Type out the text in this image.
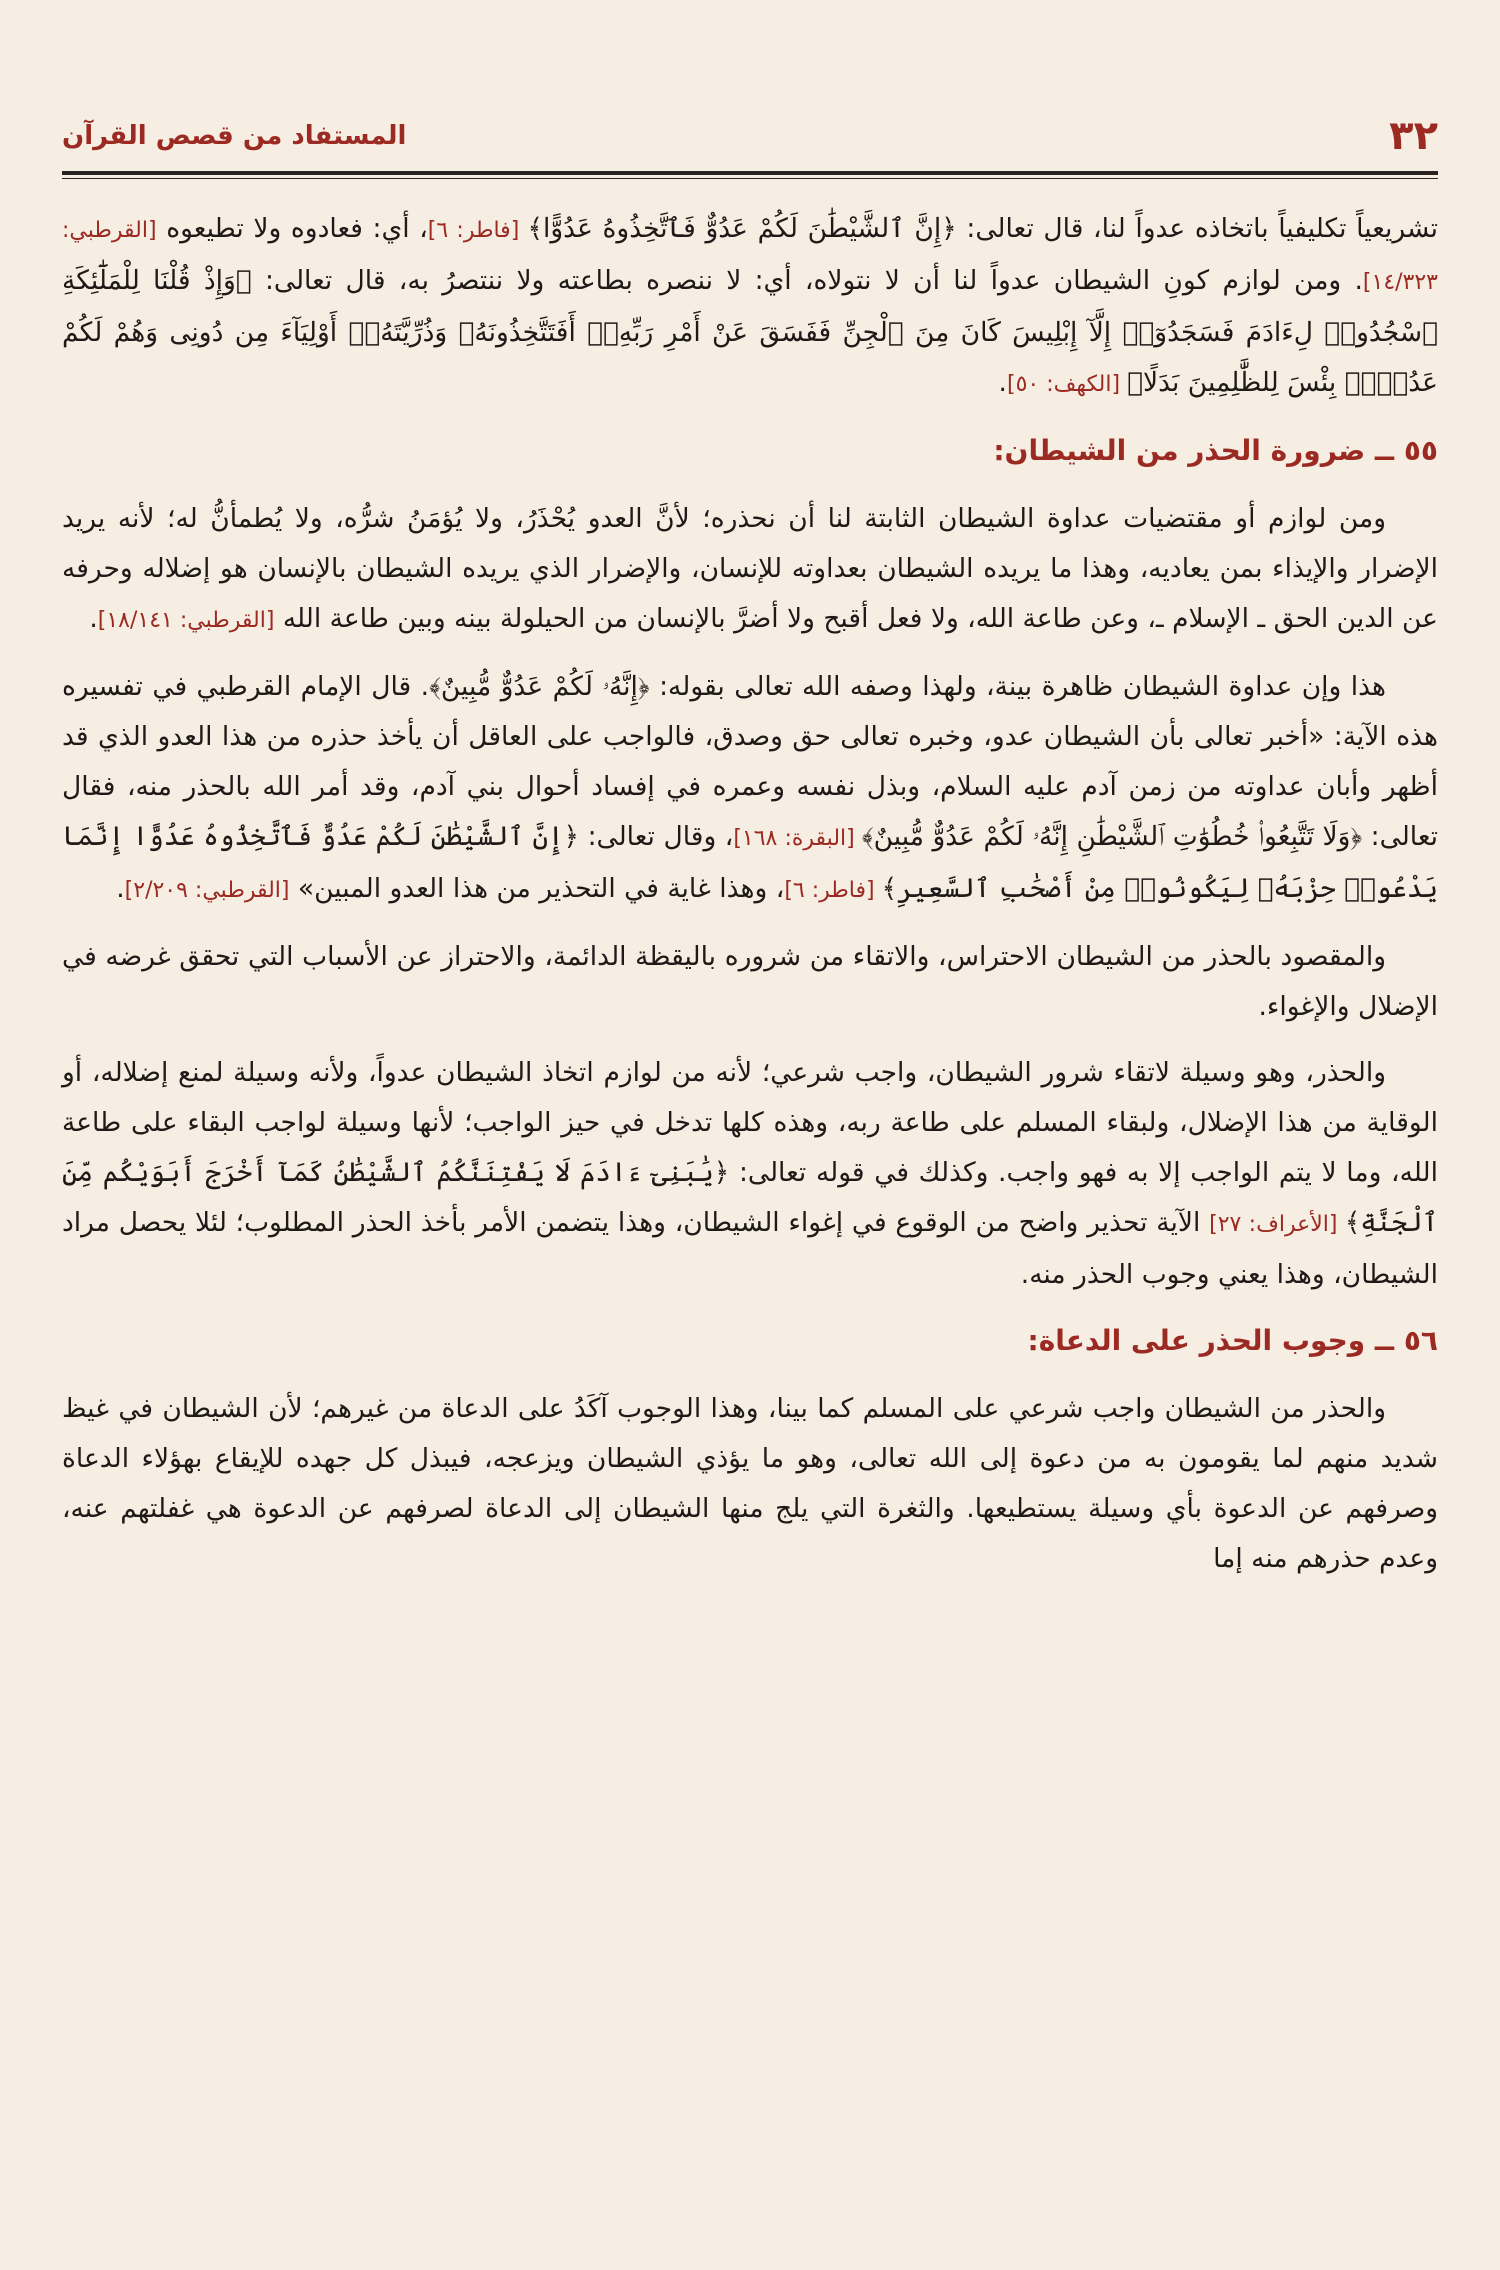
٣٢
المستفاد من قصص القرآن

تشريعياً تكليفياً باتخاذه عدواً لنا، قال تعالى: ﴿إِنَّ ٱلشَّيْطَٰنَ لَكُمْ عَدُوٌّ فَٱتَّخِذُوهُ عَدُوًّا﴾ [فاطر: ٦]، أي: فعادوه ولا تطيعوه [القرطبي: ١٤/٣٢٣]. ومن لوازم كونِ الشيطان عدواً لنا أن لا نتولاه، أي: لا ننصره بطاعته ولا ننتصرُ به، قال تعالى: ﴿وَإِذْ قُلْنَا لِلْمَلَٰٓئِكَةِ ٱسْجُدُوا۟ لِءَادَمَ فَسَجَدُوٓا۟ إِلَّآ إِبْلِيسَ كَانَ مِنَ ٱلْجِنِّ فَفَسَقَ عَنْ أَمْرِ رَبِّهِۦٓ أَفَتَتَّخِذُونَهُۥ وَذُرِّيَّتَهُۥٓ أَوْلِيَآءَ مِن دُونِى وَهُمْ لَكُمْ عَدُوٌّۢ بِئْسَ لِلظَّٰلِمِينَ بَدَلًا﴾ [الكهف: ٥٠].

٥٥ ــ ضرورة الحذر من الشيطان:

ومن لوازم أو مقتضيات عداوة الشيطان الثابتة لنا أن نحذره؛ لأنَّ العدو يُحْذَرُ، ولا يُؤمَنُ شرُّه، ولا يُطمأنُّ له؛ لأنه يريد الإضرار والإيذاء بمن يعاديه، وهذا ما يريده الشيطان بعداوته للإنسان، والإضرار الذي يريده الشيطان بالإنسان هو إضلاله وحرفه عن الدين الحق ـ الإسلام ـ، وعن طاعة الله، ولا فعل أقبح ولا أضرَّ بالإنسان من الحيلولة بينه وبين طاعة الله [القرطبي: ١٨/١٤١].

هذا وإن عداوة الشيطان ظاهرة بينة، ولهذا وصفه الله تعالى بقوله: ﴿إِنَّهُۥ لَكُمْ عَدُوٌّ مُّبِينٌ﴾. قال الإمام القرطبي في تفسيره هذه الآية: «أخبر تعالى بأن الشيطان عدو، وخبره تعالى حق وصدق، فالواجب على العاقل أن يأخذ حذره من هذا العدو الذي قد أظهر وأبان عداوته من زمن آدم عليه السلام، وبذل نفسه وعمره في إفساد أحوال بني آدم، وقد أمر الله بالحذر منه، فقال تعالى: ﴿وَلَا تَتَّبِعُوا۟ خُطُوَٰتِ ٱلشَّيْطَٰنِ إِنَّهُۥ لَكُمْ عَدُوٌّ مُّبِينٌ﴾ [البقرة: ١٦٨]، وقال تعالى: ﴿إِنَّ ٱلشَّيْطَٰنَ لَكُمْ عَدُوٌّ فَٱتَّخِذُوهُ عَدُوًّا إِنَّمَا يَدْعُوا۟ حِزْبَهُۥ لِيَكُونُوا۟ مِنْ أَصْحَٰبِ ٱلسَّعِيرِ﴾ [فاطر: ٦]، وهذا غاية في التحذير من هذا العدو المبين» [القرطبي: ٢/٢٠٩].

والمقصود بالحذر من الشيطان الاحتراس، والاتقاء من شروره باليقظة الدائمة، والاحتراز عن الأسباب التي تحقق غرضه في الإضلال والإغواء.

والحذر، وهو وسيلة لاتقاء شرور الشيطان، واجب شرعي؛ لأنه من لوازم اتخاذ الشيطان عدواً، ولأنه وسيلة لمنع إضلاله، أو الوقاية من هذا الإضلال، ولبقاء المسلم على طاعة ربه، وهذه كلها تدخل في حيز الواجب؛ لأنها وسيلة لواجب البقاء على طاعة الله، وما لا يتم الواجب إلا به فهو واجب. وكذلك في قوله تعالى: ﴿يَٰبَنِىٓ ءَادَمَ لَا يَفْتِنَنَّكُمُ ٱلشَّيْطَٰنُ كَمَآ أَخْرَجَ أَبَوَيْكُم مِّنَ ٱلْجَنَّةِ﴾ [الأعراف: ٢٧] الآية تحذير واضح من الوقوع في إغواء الشيطان، وهذا يتضمن الأمر بأخذ الحذر المطلوب؛ لئلا يحصل مراد الشيطان، وهذا يعني وجوب الحذر منه.

٥٦ ــ وجوب الحذر على الدعاة:

والحذر من الشيطان واجب شرعي على المسلم كما بينا، وهذا الوجوب آكَدُ على الدعاة من غيرهم؛ لأن الشيطان في غيظ شديد منهم لما يقومون به من دعوة إلى الله تعالى، وهو ما يؤذي الشيطان ويزعجه، فيبذل كل جهده للإيقاع بهؤلاء الدعاة وصرفهم عن الدعوة بأي وسيلة يستطيعها. والثغرة التي يلج منها الشيطان إلى الدعاة لصرفهم عن الدعوة هي غفلتهم عنه، وعدم حذرهم منه إما
